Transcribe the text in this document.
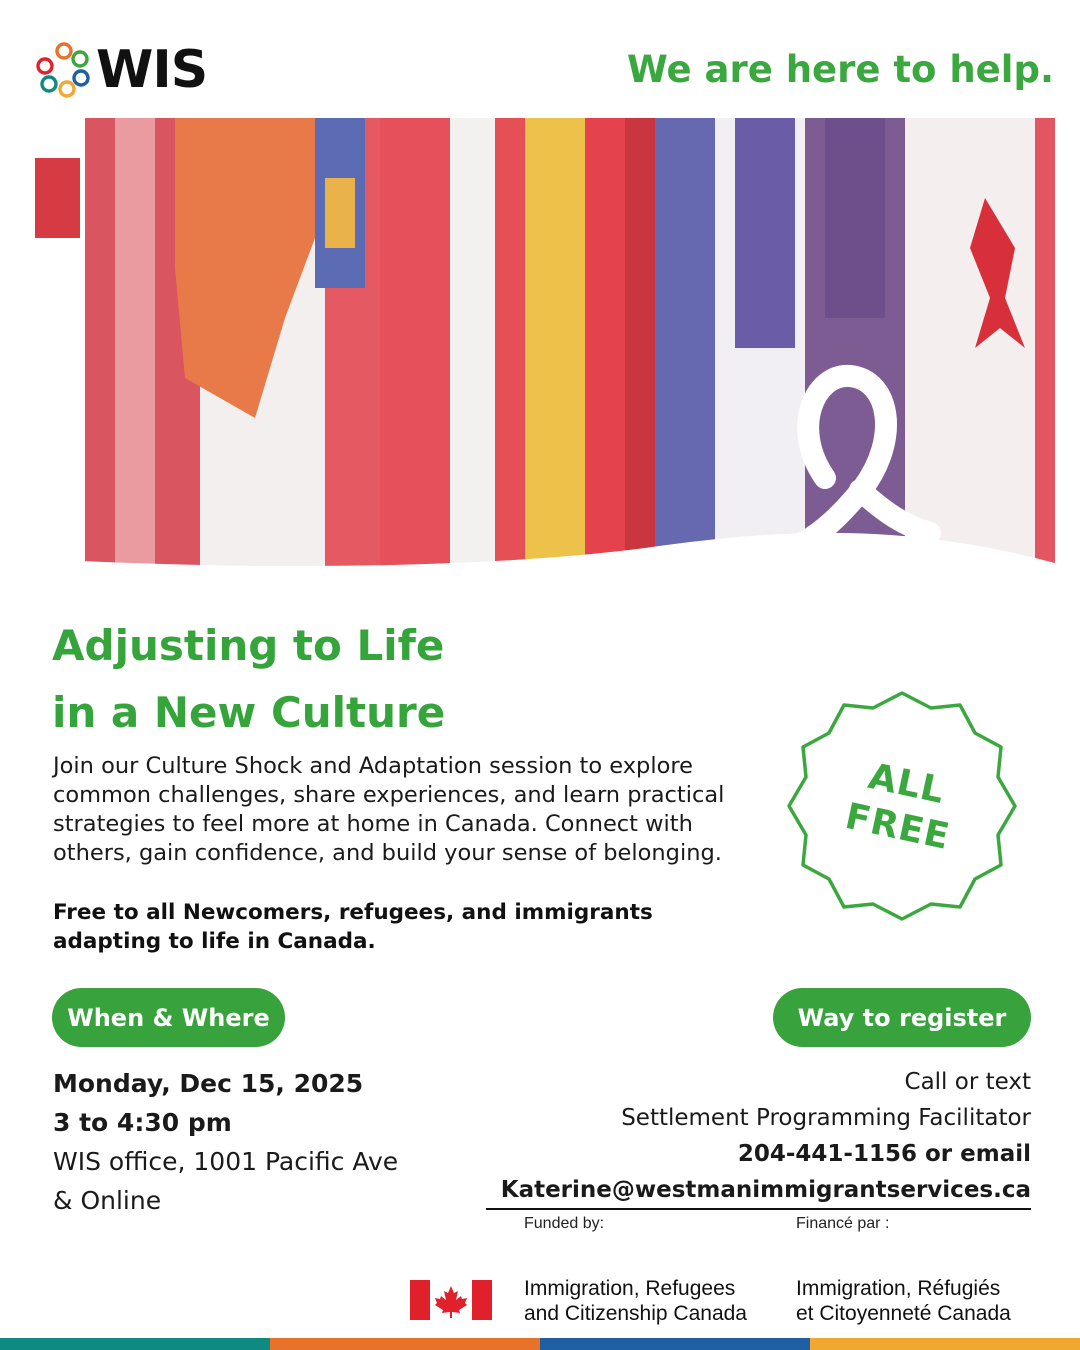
WIS	We are here to help.
Adjusting to Life
in a New Culture

Join our Culture Shock and Adaptation session to explore common challenges, share experiences, and learn practical strategies to feel more at home in Canada. Connect with others, gain confidence, and build your sense of belonging.

Free to all Newcomers, refugees, and immigrants adapting to life in Canada.

ALL
FREE
When & Where
Monday, Dec 15, 2025
3 to 4:30 pm
WIS office, 1001 Pacific Ave
& Online
Way to register
Call or text
Settlement Programming Facilitator
204-441-1156 or email
Katerine@westmanimmigrantservices.ca
Funded by:	Financé par :
Immigration, Refugees
and Citizenship Canada
Immigration, Réfugiés
et Citoyenneté Canada
